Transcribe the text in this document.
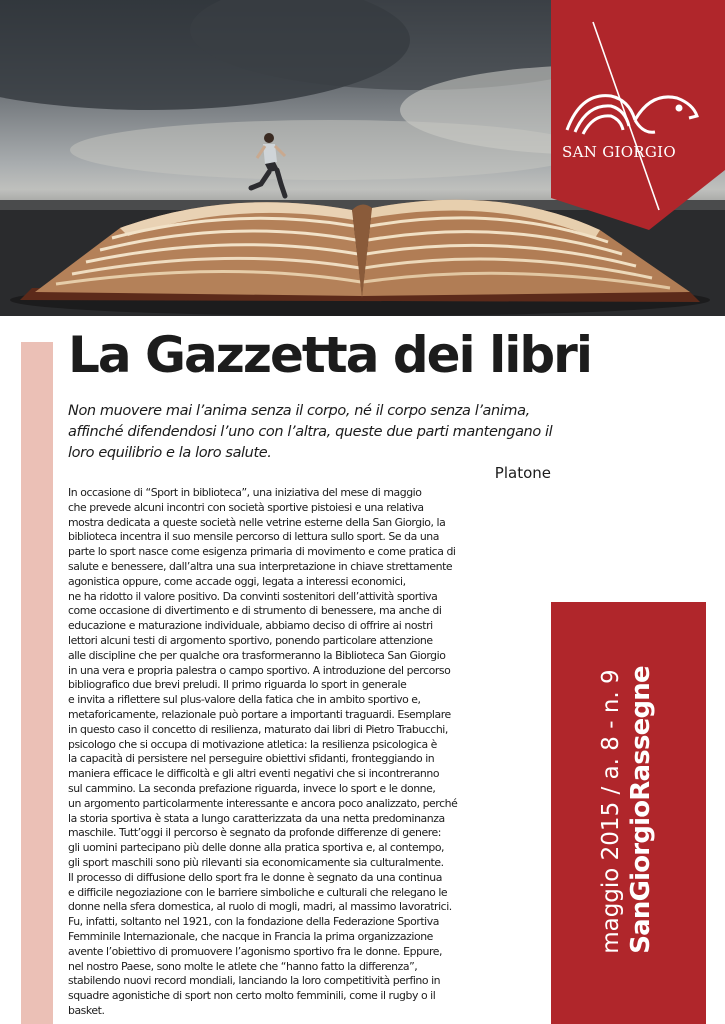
SAN GIORGIO
La Gazzetta dei libri

Non muovere mai l’anima senza il corpo, né il corpo senza l’anima, affinché difendendosi l’uno con l’altra, queste due parti mantengano il loro equilibrio e la loro salute.

Platone
In occasione di “Sport in biblioteca”, una iniziativa del mese di maggio
che prevede alcuni incontri con società sportive pistoiesi e una relativa
mostra dedicata a queste società nelle vetrine esterne della San Giorgio, la
biblioteca incentra il suo mensile percorso di lettura sullo sport. Se da una
parte lo sport nasce come esigenza primaria di movimento e come pratica di
salute e benessere, dall’altra una sua interpretazione in chiave strettamente
agonistica oppure, come accade oggi, legata a interessi economici,
ne ha ridotto il valore positivo. Da convinti sostenitori dell’attività sportiva
come occasione di divertimento e di strumento di benessere, ma anche di
educazione e maturazione individuale, abbiamo deciso di offrire ai nostri
lettori alcuni testi di argomento sportivo, ponendo particolare attenzione
alle discipline che per qualche ora trasformeranno la Biblioteca San Giorgio
in una vera e propria palestra o campo sportivo. A introduzione del percorso
bibliografico due brevi preludi. Il primo riguarda lo sport in generale
e invita a riflettere sul plus-valore della fatica che in ambito sportivo e,
metaforicamente, relazionale può portare a importanti traguardi. Esemplare
in questo caso il concetto di resilienza, maturato dai libri di Pietro Trabucchi,
psicologo che si occupa di motivazione atletica: la resilienza psicologica è
la capacità di persistere nel perseguire obiettivi sfidanti, fronteggiando in
maniera efficace le difficoltà e gli altri eventi negativi che si incontreranno
sul cammino. La seconda prefazione riguarda, invece lo sport e le donne,
un argomento particolarmente interessante e ancora poco analizzato, perché
la storia sportiva è stata a lungo caratterizzata da una netta predominanza
maschile. Tutt’oggi il percorso è segnato da profonde differenze di genere:
gli uomini partecipano più delle donne alla pratica sportiva e, al contempo,
gli sport maschili sono più rilevanti sia economicamente sia culturalmente.
Il processo di diffusione dello sport fra le donne è segnato da una continua
e difficile negoziazione con le barriere simboliche e culturali che relegano le
donne nella sfera domestica, al ruolo di mogli, madri, al massimo lavoratrici.
Fu, infatti, soltanto nel 1921, con la fondazione della Federazione Sportiva
Femminile Internazionale, che nacque in Francia la prima organizzazione
avente l’obiettivo di promuovere l’agonismo sportivo fra le donne. Eppure,
nel nostro Paese, sono molte le atlete che “hanno fatto la differenza”,
stabilendo nuovi record mondiali, lanciando la loro competitività perfino in
squadre agonistiche di sport non certo molto femminili, come il rugby o il
basket.
maggio 2015 / a. 8 - n. 9 SanGiorgioRassegne
